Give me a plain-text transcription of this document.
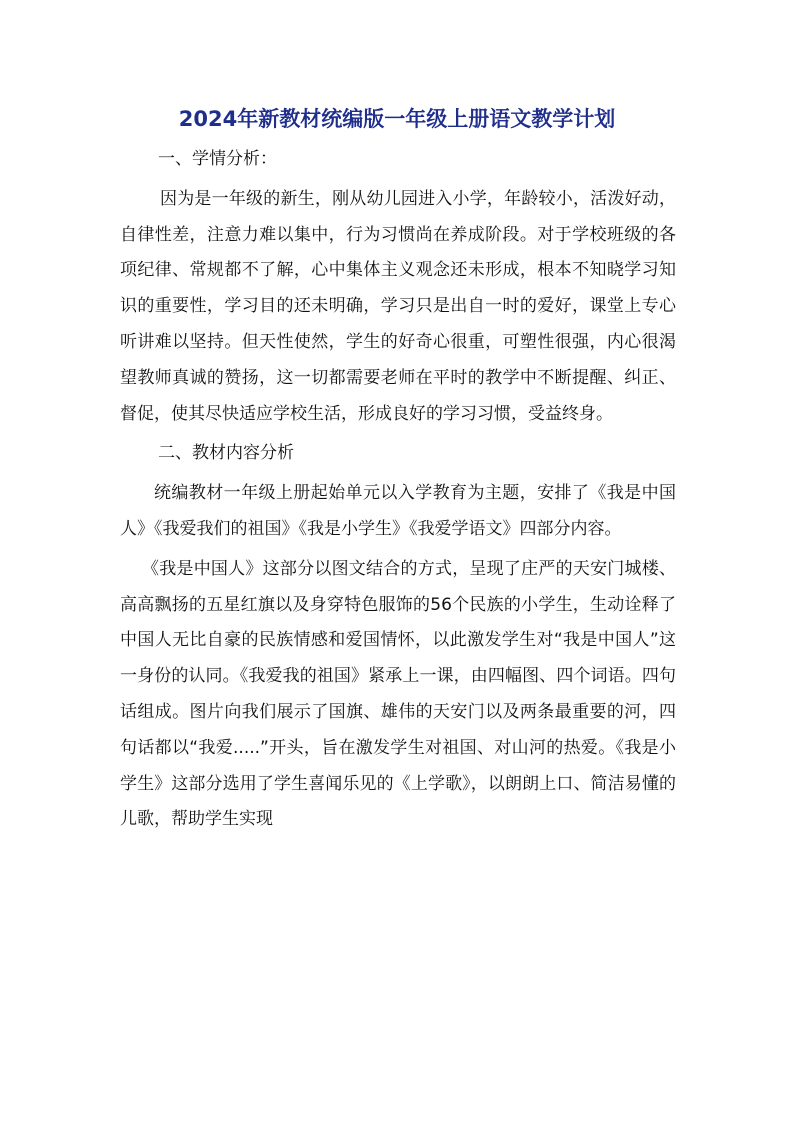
2024年新教材统编版一年级上册语文教学计划

一、学情分析：

因为是一年级的新生，刚从幼儿园进入小学，年龄较小，活泼好动，自律性差，注意力难以集中，行为习惯尚在养成阶段。对于学校班级的各项纪律、常规都不了解，心中集体主义观念还未形成，根本不知晓学习知识的重要性，学习目的还未明确，学习只是出自一时的爱好，课堂上专心听讲难以坚持。但天性使然，学生的好奇心很重，可塑性很强，内心很渴望教师真诚的赞扬，这一切都需要老师在平时的教学中不断提醒、纠正、督促，使其尽快适应学校生活，形成良好的学习习惯，受益终身。

二、教材内容分析

统编教材一年级上册起始单元以入学教育为主题，安排了《我是中国人》《我爱我们的祖国》《我是小学生》《我爱学语文》四部分内容。

《我是中国人》这部分以图文结合的方式，呈现了庄严的天安门城楼、高高飘扬的五星红旗以及身穿特色服饰的56个民族的小学生，生动诠释了中国人无比自豪的民族情感和爱国情怀，以此激发学生对“我是中国人”这一身份的认同。《我爱我的祖国》紧承上一课，由四幅图、四个词语。四句话组成。图片向我们展示了国旗、雄伟的天安门以及两条最重要的河，四句话都以“我爱.....”开头，旨在激发学生对祖国、对山河的热爱。《我是小学生》这部分选用了学生喜闻乐见的《上学歌》，以朗朗上口、简洁易懂的儿歌，帮助学生实现
